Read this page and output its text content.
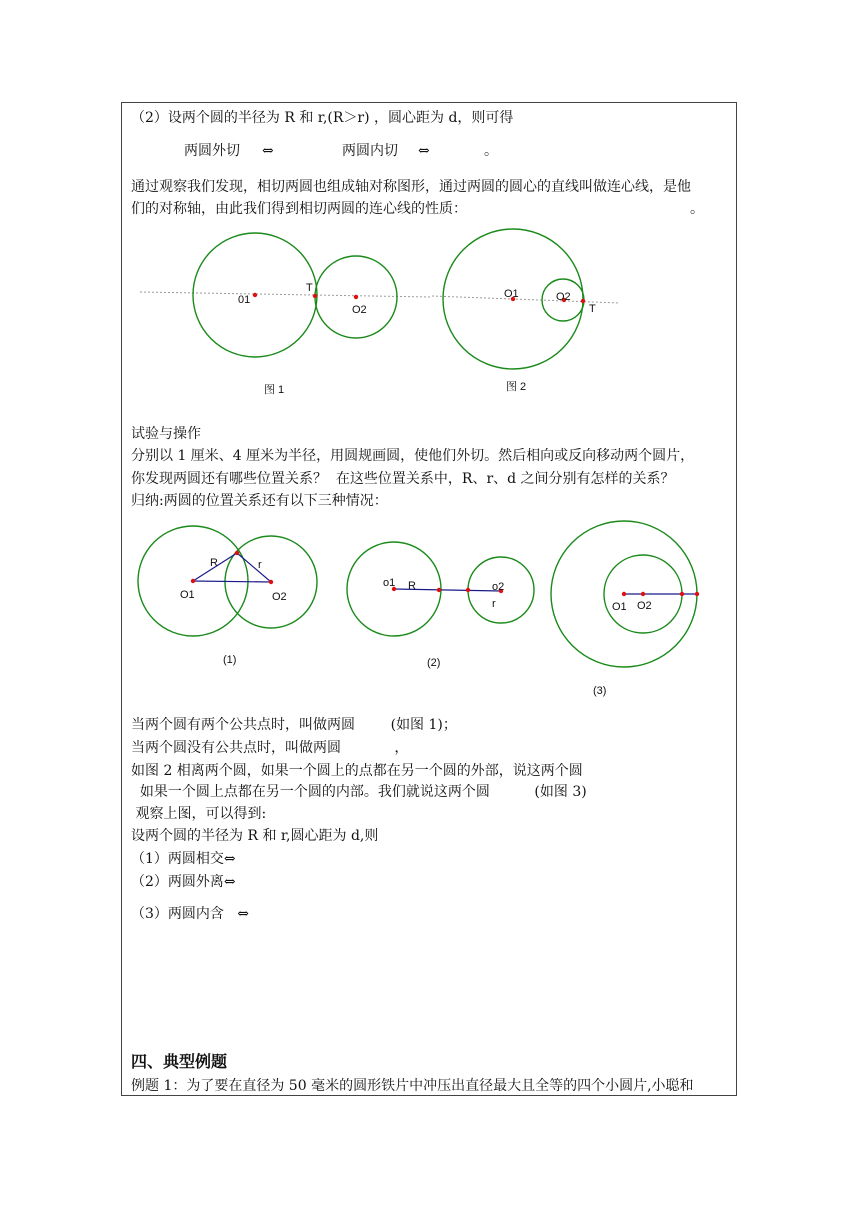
（2）设两个圆的半径为 R 和 r,(R＞r) ，圆心距为 d，则可得
两圆外切 ⇔	两圆内切 ⇔	。
通过观察我们发现，相切两圆也组成轴对称图形，通过两圆的圆心的直线叫做连心线，是他
们的对称轴，由此我们得到相切两圆的连心线的性质：	。
01
T
O2
O1	O2
T
R	r
O1	O2
(1)
o1 R	o2
r
(2)
O1 O2
(3)
图 1	图 2
试验与操作
分别以 1 厘米、4 厘米为半径，用圆规画圆，使他们外切。然后相向或反向移动两个圆片，
你发现两圆还有哪些位置关系？  在这些位置关系中，R、r、d 之间分别有怎样的关系？
归纳:两圆的位置关系还有以下三种情况：
当两个圆有两个公共点时，叫做两圆        (如图 1)；
当两个圆没有公共点时，叫做两圆            ，
如图 2 相离两个圆，如果一个圆上的点都在另一个圆的外部，说这两个圆
如果一个圆上点都在另一个圆的内部。我们就说这两个圆          (如图 3)
观察上图，可以得到:
设两个圆的半径为 R 和 r,圆心距为 d,则
（1）两圆相交⇔
（2）两圆外离⇔
（3）两圆内含   ⇔
四、典型例题
例题 1：为了要在直径为 50 毫米的圆形铁片中冲压出直径最大且全等的四个小圆片,小聪和
